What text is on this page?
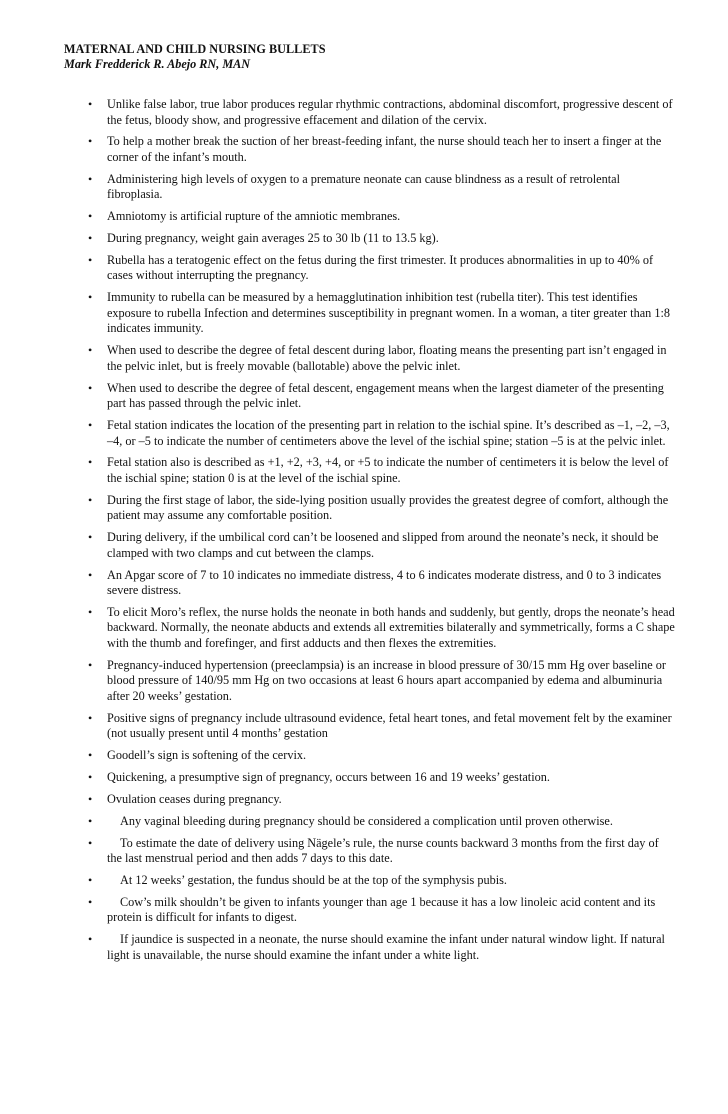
MATERNAL AND CHILD NURSING BULLETS

Mark Fredderick R. Abejo RN, MAN

• Unlike false labor, true labor produces regular rhythmic contractions, abdominal discomfort, progressive descent of the fetus, bloody show, and progressive effacement and dilation of the cervix.
• To help a mother break the suction of her breast-feeding infant, the nurse should teach her to insert a finger at the corner of the infant’s mouth.
• Administering high levels of oxygen to a premature neonate can cause blindness as a result of retrolental fibroplasia.
• Amniotomy is artificial rupture of the amniotic membranes.
• During pregnancy, weight gain averages 25 to 30 lb (11 to 13.5 kg).
• Rubella has a teratogenic effect on the fetus during the first trimester. It produces abnormalities in up to 40% of cases without interrupting the pregnancy.
• Immunity to rubella can be measured by a hemagglutination inhibition test (rubella titer). This test identifies exposure to rubella Infection and determines susceptibility in pregnant women. In a woman, a titer greater than 1:8 indicates immunity.
• When used to describe the degree of fetal descent during labor, floating means the presenting part isn’t engaged in the pelvic inlet, but is freely movable (ballotable) above the pelvic inlet.
• When used to describe the degree of fetal descent, engagement means when the largest diameter of the presenting part has passed through the pelvic inlet.
• Fetal station indicates the location of the presenting part in relation to the ischial spine. It’s described as –1, –2, –3, –4, or –5 to indicate the number of centimeters above the level of the ischial spine; station –5 is at the pelvic inlet.
• Fetal station also is described as +1, +2, +3, +4, or +5 to indicate the number of centimeters it is below the level of the ischial spine; station 0 is at the level of the ischial spine.
• During the first stage of labor, the side-lying position usually provides the greatest degree of comfort, although the patient may assume any comfortable position.
• During delivery, if the umbilical cord can’t be loosened and slipped from around the neonate’s neck, it should be clamped with two clamps and cut between the clamps.
• An Apgar score of 7 to 10 indicates no immediate distress, 4 to 6 indicates moderate distress, and 0 to 3 indicates severe distress.
• To elicit Moro’s reflex, the nurse holds the neonate in both hands and suddenly, but gently, drops the neonate’s head backward. Normally, the neonate abducts and extends all extremities bilaterally and symmetrically, forms a C shape with the thumb and forefinger, and first adducts and then flexes the extremities.
• Pregnancy-induced hypertension (preeclampsia) is an increase in blood pressure of 30/15 mm Hg over baseline or blood pressure of 140/95 mm Hg on two occasions at least 6 hours apart accompanied by edema and albuminuria after 20 weeks’ gestation.
• Positive signs of pregnancy include ultrasound evidence, fetal heart tones, and fetal movement felt by the examiner (not usually present until 4 months’ gestation
• Goodell’s sign is softening of the cervix.
• Quickening, a presumptive sign of pregnancy, occurs between 16 and 19 weeks’ gestation.
• Ovulation ceases during pregnancy.
• Any vaginal bleeding during pregnancy should be considered a complication until proven otherwise.
• To estimate the date of delivery using Nägele’s rule, the nurse counts backward 3 months from the first day of the last menstrual period and then adds 7 days to this date.
• At 12 weeks’ gestation, the fundus should be at the top of the symphysis pubis.
• Cow’s milk shouldn’t be given to infants younger than age 1 because it has a low linoleic acid content and its protein is difficult for infants to digest.
• If jaundice is suspected in a neonate, the nurse should examine the infant under natural window light. If natural light is unavailable, the nurse should examine the infant under a white light.
